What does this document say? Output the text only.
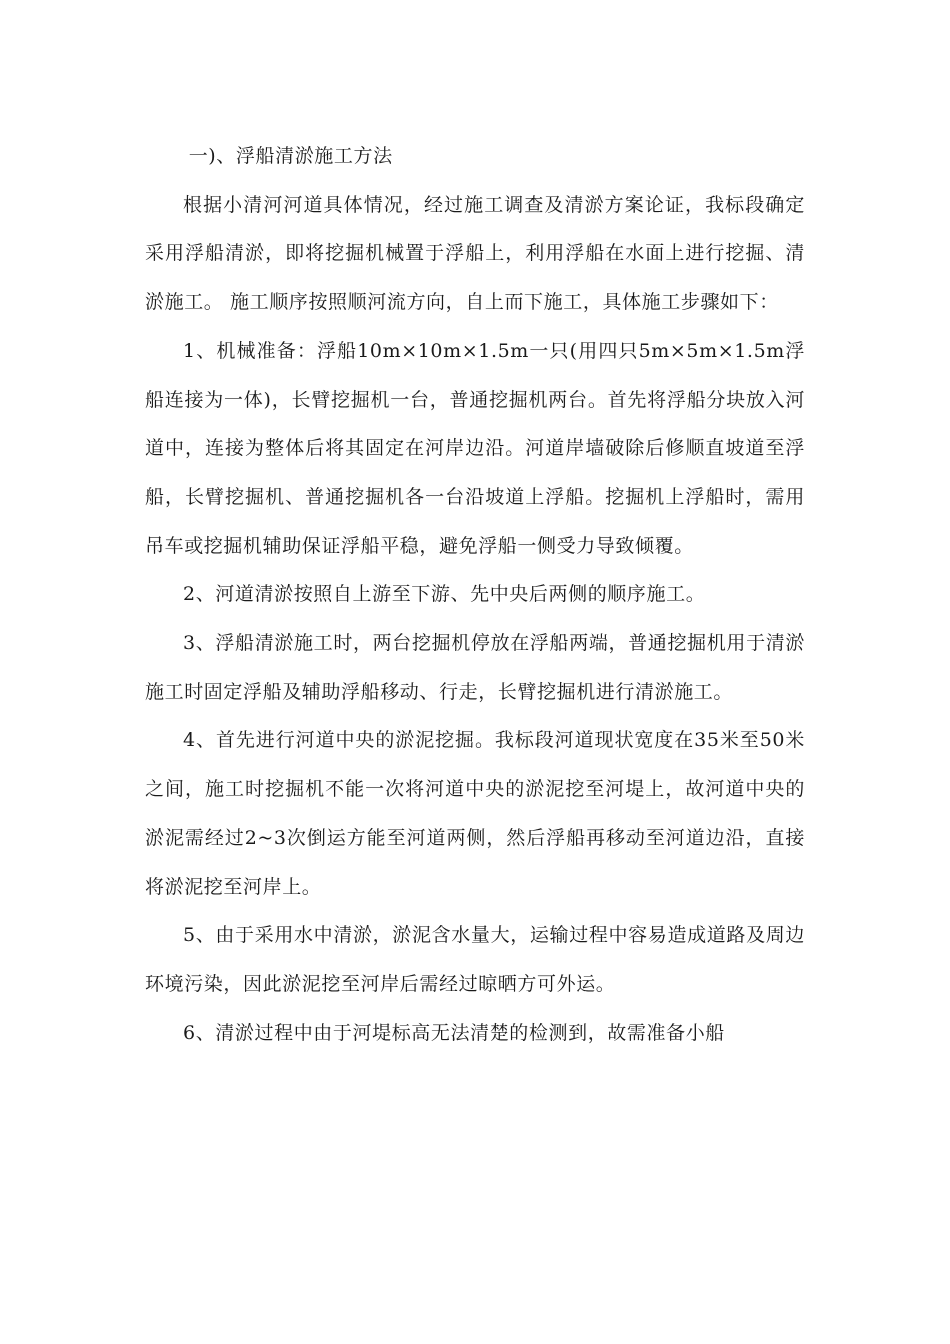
一)、浮船清淤施工方法

根据小清河河道具体情况，经过施工调查及清淤方案论证，我标段确定采用浮船清淤，即将挖掘机械置于浮船上，利用浮船在水面上进行挖掘、清淤施工。 施工顺序按照顺河流方向，自上而下施工，具体施工步骤如下：

1、机械准备：浮船10m×10m×1.5m一只(用四只5m×5m×1.5m浮船连接为一体)，长臂挖掘机一台，普通挖掘机两台。首先将浮船分块放入河道中，连接为整体后将其固定在河岸边沿。河道岸墙破除后修顺直坡道至浮船，长臂挖掘机、普通挖掘机各一台沿坡道上浮船。挖掘机上浮船时，需用吊车或挖掘机辅助保证浮船平稳，避免浮船一侧受力导致倾覆。

2、河道清淤按照自上游至下游、先中央后两侧的顺序施工。

3、浮船清淤施工时，两台挖掘机停放在浮船两端，普通挖掘机用于清淤施工时固定浮船及辅助浮船移动、行走，长臂挖掘机进行清淤施工。

4、首先进行河道中央的淤泥挖掘。我标段河道现状宽度在35米至50米之间，施工时挖掘机不能一次将河道中央的淤泥挖至河堤上，故河道中央的淤泥需经过2~3次倒运方能至河道两侧，然后浮船再移动至河道边沿，直接将淤泥挖至河岸上。

5、由于采用水中清淤，淤泥含水量大，运输过程中容易造成道路及周边环境污染，因此淤泥挖至河岸后需经过晾晒方可外运。

6、清淤过程中由于河堤标高无法清楚的检测到，故需准备小船
